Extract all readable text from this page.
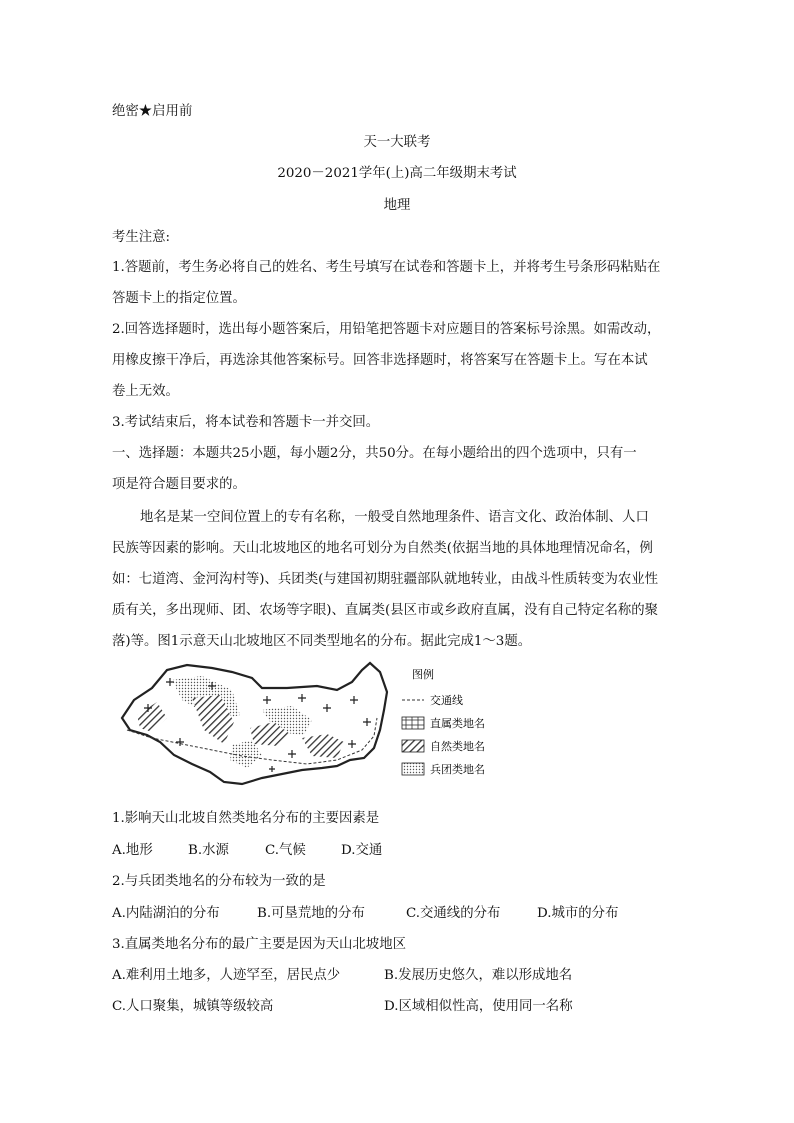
绝密★启用前
天一大联考
2020－2021学年(上)高二年级期末考试
地理
考生注意:
1.答题前，考生务必将自己的姓名、考生号填写在试卷和答题卡上，并将考生号条形码粘贴在
答题卡上的指定位置。
2.回答选择题时，选出每小题答案后，用铅笔把答题卡对应题目的答案标号涂黑。如需改动，
用橡皮擦干净后，再选涂其他答案标号。回答非选择题时，将答案写在答题卡上。写在本试
卷上无效。
3.考试结束后，将本试卷和答题卡一并交回。
一、选择题：本题共25小题，每小题2分，共50分。在每小题给出的四个选项中，只有一
项是符合题目要求的。
地名是某一空间位置上的专有名称，一般受自然地理条件、语言文化、政治体制、人口
民族等因素的影响。天山北坡地区的地名可划分为自然类(依据当地的具体地理情况命名，例
如：七道湾、金河沟村等)、兵团类(与建国初期驻疆部队就地转业，由战斗性质转变为农业性
质有关，多出现师、团、农场等字眼)、直属类(县区市或乡政府直属，没有自己特定名称的聚
落)等。图1示意天山北坡地区不同类型地名的分布。据此完成1～3题。
图例
交通线
直属类地名
自然类地名
兵团类地名
1.影响天山北坡自然类地名分布的主要因素是
A.地形	B.水源	C.气候	D.交通
2.与兵团类地名的分布较为一致的是
A.内陆湖泊的分布	B.可垦荒地的分布	C.交通线的分布	D.城市的分布
3.直属类地名分布的最广主要是因为天山北坡地区
A.难利用土地多，人迹罕至，居民点少	B.发展历史悠久，难以形成地名
C.人口聚集，城镇等级较高	D.区域相似性高，使用同一名称
